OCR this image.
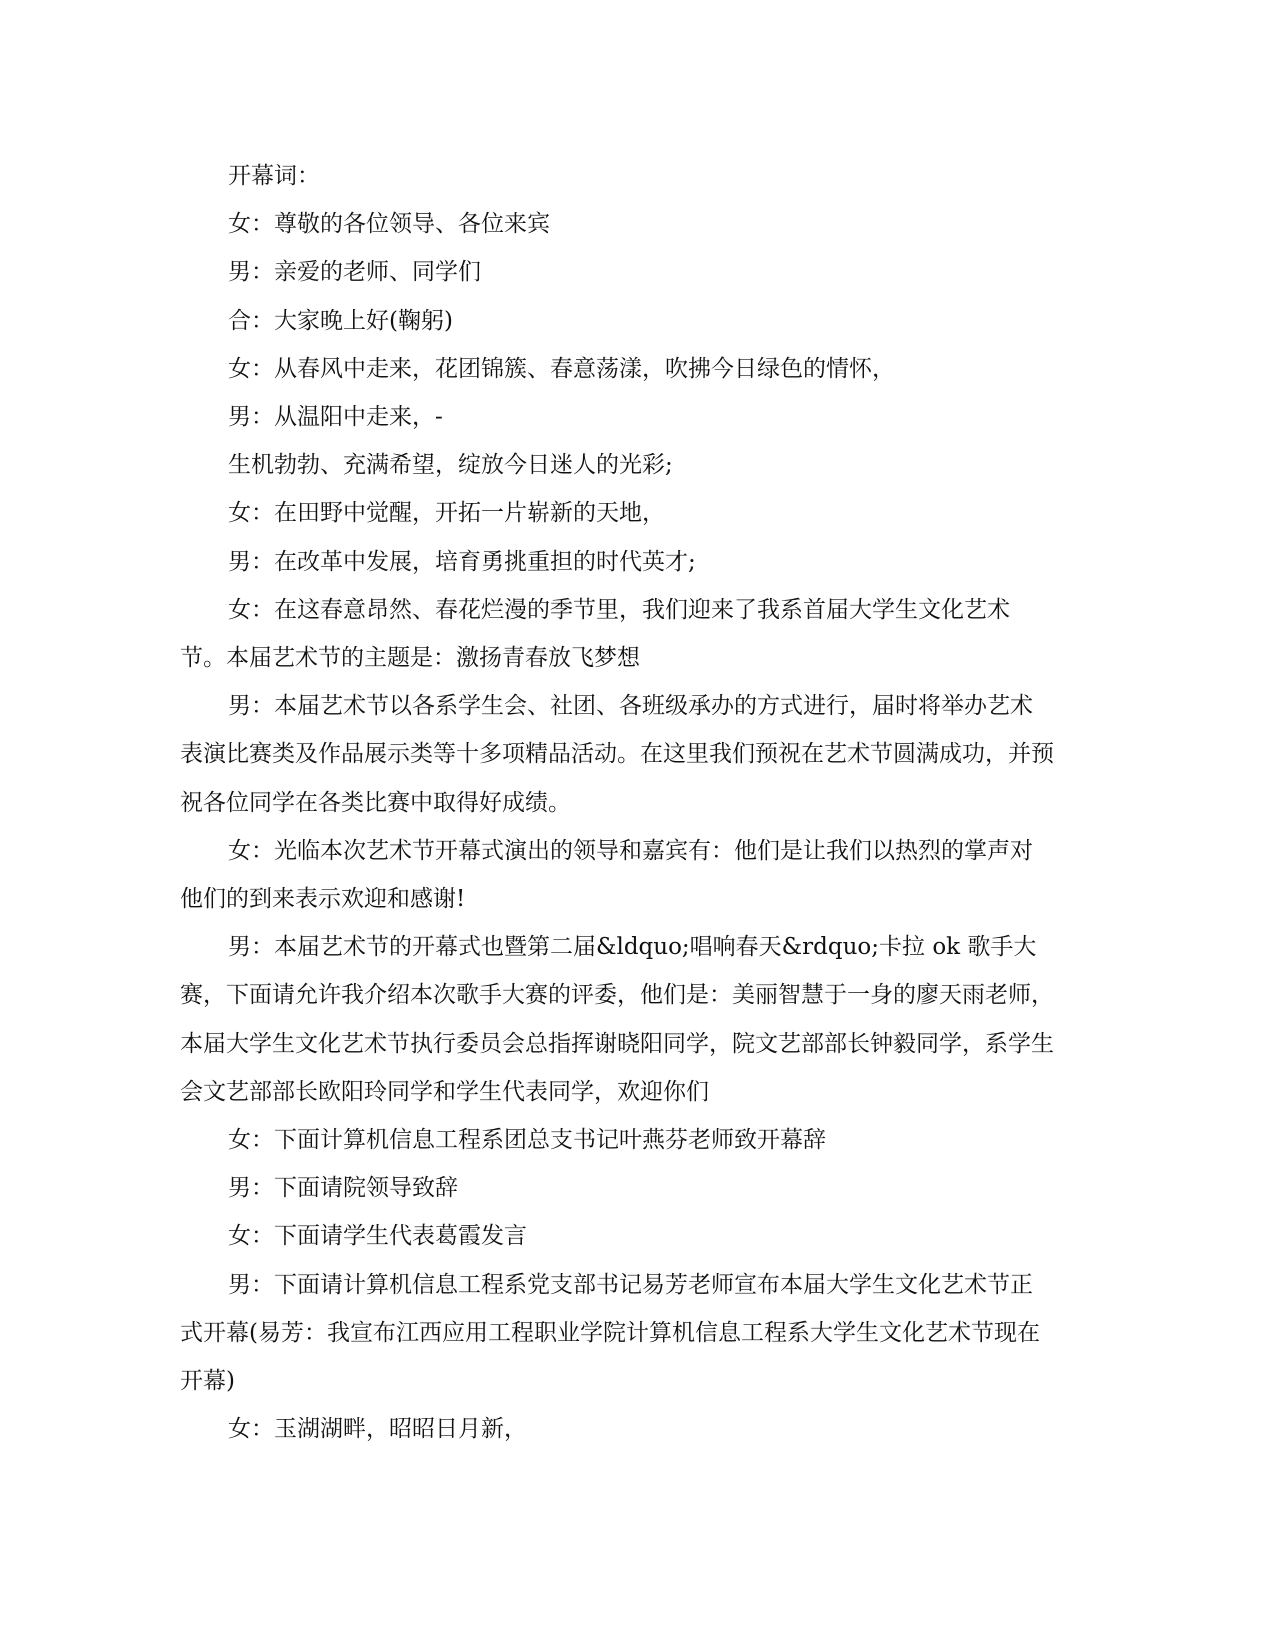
开幕词：

女：尊敬的各位领导、各位来宾

男：亲爱的老师、同学们

合：大家晚上好(鞠躬)

女：从春风中走来，花团锦簇、春意荡漾，吹拂今日绿色的情怀，

男：从温阳中走来，-

生机勃勃、充满希望，绽放今日迷人的光彩;

女：在田野中觉醒，开拓一片崭新的天地，

男：在改革中发展，培育勇挑重担的时代英才;

女：在这春意昂然、春花烂漫的季节里，我们迎来了我系首届大学生文化艺术节。本届艺术节的主题是：激扬青春放飞梦想

男：本届艺术节以各系学生会、社团、各班级承办的方式进行，届时将举办艺术表演比赛类及作品展示类等十多项精品活动。在这里我们预祝在艺术节圆满成功，并预祝各位同学在各类比赛中取得好成绩。

女：光临本次艺术节开幕式演出的领导和嘉宾有：他们是让我们以热烈的掌声对他们的到来表示欢迎和感谢!

男：本届艺术节的开幕式也暨第二届&ldquo;唱响春天&rdquo;卡拉 ok 歌手大赛，下面请允许我介绍本次歌手大赛的评委，他们是：美丽智慧于一身的廖天雨老师，本届大学生文化艺术节执行委员会总指挥谢晓阳同学，院文艺部部长钟毅同学，系学生会文艺部部长欧阳玲同学和学生代表同学，欢迎你们

女：下面计算机信息工程系团总支书记叶燕芬老师致开幕辞

男：下面请院领导致辞

女：下面请学生代表葛霞发言

男：下面请计算机信息工程系党支部书记易芳老师宣布本届大学生文化艺术节正式开幕(易芳：我宣布江西应用工程职业学院计算机信息工程系大学生文化艺术节现在开幕)

女：玉湖湖畔，昭昭日月新，
